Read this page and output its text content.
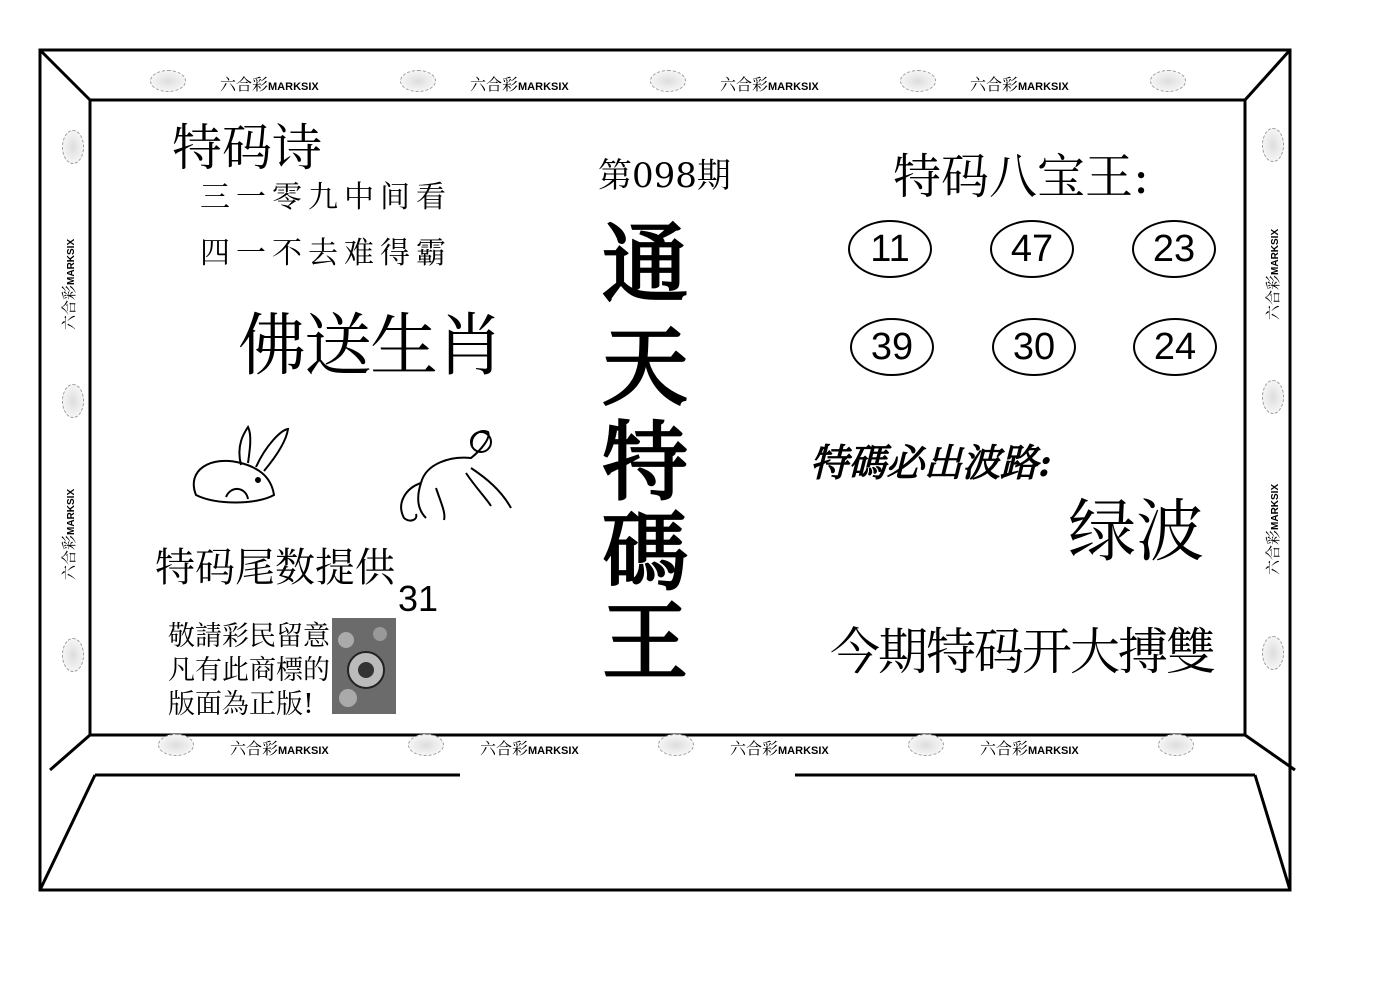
六合彩MARKSIX	六合彩MARKSIX	六合彩MARKSIX	六合彩MARKSIX
六合彩MARKSIX	六合彩MARKSIX	六合彩MARKSIX	六合彩MARKSIX
六合彩MARKSIX
六合彩MARKSIX
六合彩MARKSIX
六合彩MARKSIX
特码诗
三一零九中间看
四一不去难得霸
佛送生肖
特码尾数提供
31
敬請彩民留意
凡有此商標的
版面為正版!
第098期
通
天
特
碼
王
特码八宝王:
11	47	23
39	30	24
特碼必出波路:
绿波
今期特码开大搏雙
